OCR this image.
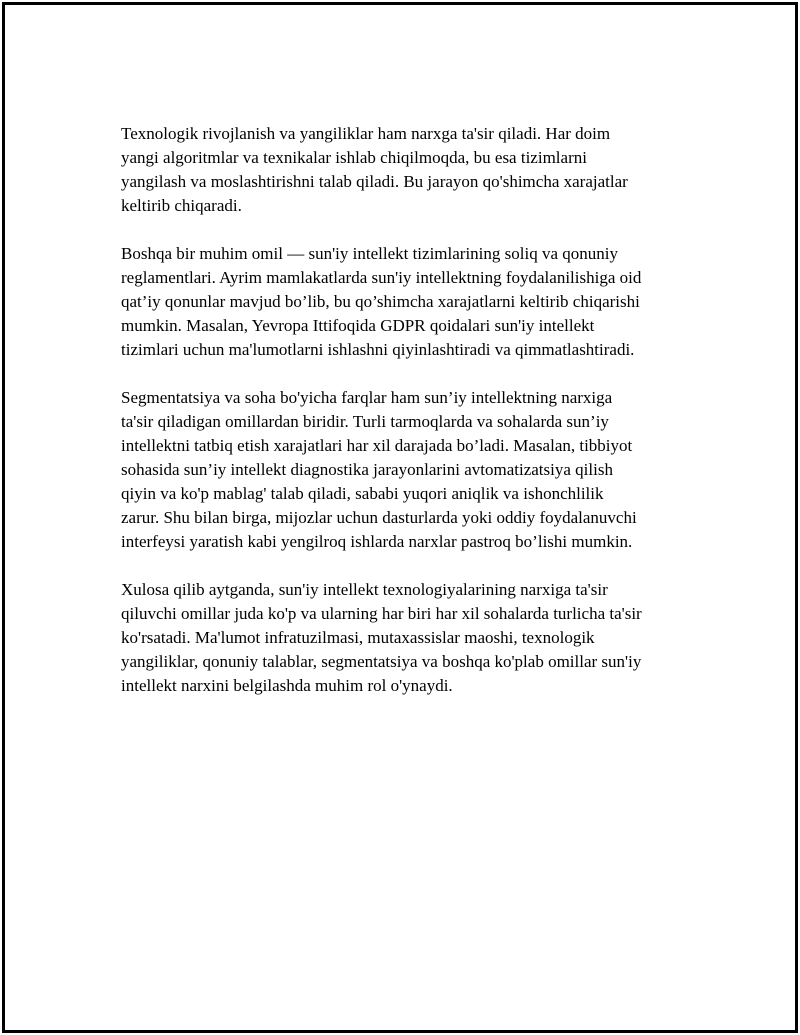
Texnologik rivojlanish va yangiliklar ham narxga ta'sir qiladi. Har doim
yangi algoritmlar va texnikalar ishlab chiqilmoqda, bu esa tizimlarni
yangilash va moslashtirishni talab qiladi. Bu jarayon qo'shimcha xarajatlar
keltirib chiqaradi.

Boshqa bir muhim omil — sun'iy intellekt tizimlarining soliq va qonuniy
reglamentlari. Ayrim mamlakatlarda sun'iy intellektning foydalanilishiga oid
qat’iy qonunlar mavjud bo’lib, bu qo’shimcha xarajatlarni keltirib chiqarishi
mumkin. Masalan, Yevropa Ittifoqida GDPR qoidalari sun'iy intellekt
tizimlari uchun ma'lumotlarni ishlashni qiyinlashtiradi va qimmatlashtiradi.

Segmentatsiya va soha bo'yicha farqlar ham sun’iy intellektning narxiga
ta'sir qiladigan omillardan biridir. Turli tarmoqlarda va sohalarda sun’iy
intellektni tatbiq etish xarajatlari har xil darajada bo’ladi. Masalan, tibbiyot
sohasida sun’iy intellekt diagnostika jarayonlarini avtomatizatsiya qilish
qiyin va ko'p mablag' talab qiladi, sababi yuqori aniqlik va ishonchlilik
zarur. Shu bilan birga, mijozlar uchun dasturlarda yoki oddiy foydalanuvchi
interfeysi yaratish kabi yengilroq ishlarda narxlar pastroq bo’lishi mumkin.

Xulosa qilib aytganda, sun'iy intellekt texnologiyalarining narxiga ta'sir
qiluvchi omillar juda ko'p va ularning har biri har xil sohalarda turlicha ta'sir
ko'rsatadi. Ma'lumot infratuzilmasi, mutaxassislar maoshi, texnologik
yangiliklar, qonuniy talablar, segmentatsiya va boshqa ko'plab omillar sun'iy
intellekt narxini belgilashda muhim rol o'ynaydi.
